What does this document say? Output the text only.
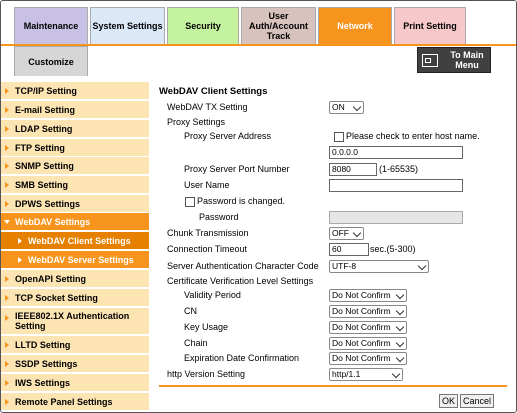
Maintenance System Settings	Security
User
Auth/Account
Track
Network	Print Setting
Customize
To Main
Menu
TCP/IP Setting
E-mail Setting
LDAP Setting
FTP Setting
SNMP Setting
SMB Setting
DPWS Settings
WebDAV Settings
WebDAV Client Settings
WebDAV Server Settings
OpenAPI Setting
TCP Socket Setting
IEEE802.1X Authentication
Setting
LLTD Setting
SSDP Settings
IWS Settings
Remote Panel Settings
WebDAV Client Settings
WebDAV TX Setting	ON
Proxy Settings
Proxy Server Address	Please check to enter host name.
0.0.0.0
Proxy Server Port Number	8080	(1-65535)
User Name
Password is changed.
Password
Chunk Transmission	OFF
Connection Timeout	60	sec.(5-300)
Server Authentication Character Code	UTF-8
Certificate Verification Level Settings
Validity Period	Do Not Confirm
CN	Do Not Confirm
Key Usage	Do Not Confirm
Chain	Do Not Confirm
Expiration Date Confirmation	Do Not Confirm
http Version Setting	http/1.1
OK Cancel
